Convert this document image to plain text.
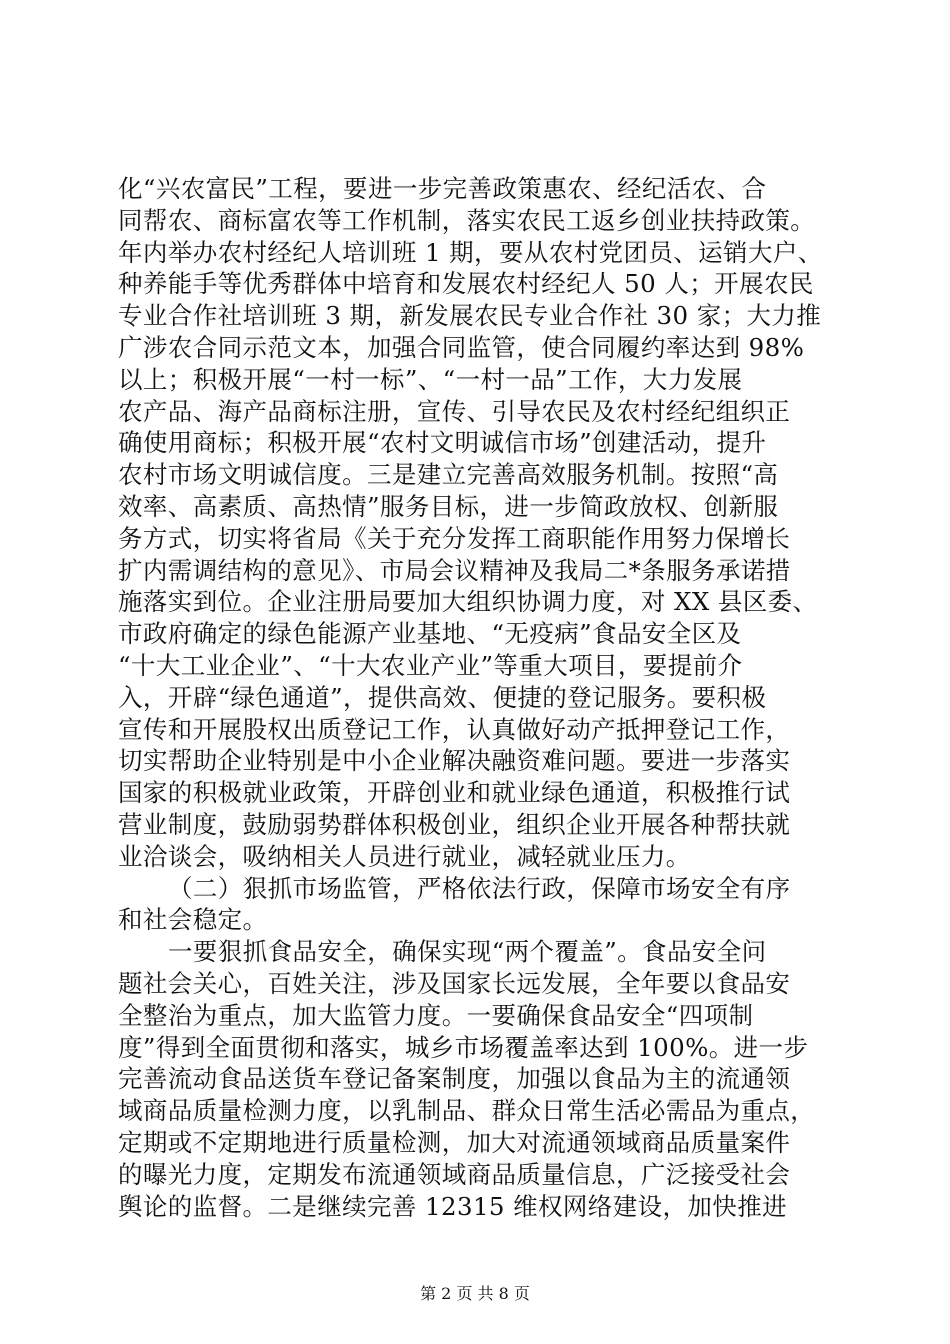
化“兴农富民”工程，要进一步完善政策惠农、经纪活农、合
同帮农、商标富农等工作机制，落实农民工返乡创业扶持政策。
年内举办农村经纪人培训班 1 期，要从农村党团员、运销大户、
种养能手等优秀群体中培育和发展农村经纪人 50 人；开展农民
专业合作社培训班 3 期，新发展农民专业合作社 30 家；大力推
广涉农合同示范文本，加强合同监管，使合同履约率达到 98%
以上；积极开展“一村一标”、“一村一品”工作，大力发展
农产品、海产品商标注册，宣传、引导农民及农村经纪组织正
确使用商标；积极开展“农村文明诚信市场”创建活动，提升
农村市场文明诚信度。三是建立完善高效服务机制。按照“高
效率、高素质、高热情”服务目标，进一步简政放权、创新服
务方式，切实将省局《关于充分发挥工商职能作用努力保增长
扩内需调结构的意见》、市局会议精神及我局二*条服务承诺措
施落实到位。企业注册局要加大组织协调力度，对 XX 县区委、
市政府确定的绿色能源产业基地、“无疫病”食品安全区及
“十大工业企业”、“十大农业产业”等重大项目，要提前介
入，开辟“绿色通道”，提供高效、便捷的登记服务。要积极
宣传和开展股权出质登记工作，认真做好动产抵押登记工作，
切实帮助企业特别是中小企业解决融资难问题。要进一步落实
国家的积极就业政策，开辟创业和就业绿色通道，积极推行试
营业制度，鼓励弱势群体积极创业，组织企业开展各种帮扶就
业洽谈会，吸纳相关人员进行就业，减轻就业压力。
（二）狠抓市场监管，严格依法行政，保障市场安全有序
和社会稳定。
一要狠抓食品安全，确保实现“两个覆盖”。食品安全问
题社会关心，百姓关注，涉及国家长远发展，全年要以食品安
全整治为重点，加大监管力度。一要确保食品安全“四项制
度”得到全面贯彻和落实，城乡市场覆盖率达到 100%。进一步
完善流动食品送货车登记备案制度，加强以食品为主的流通领
域商品质量检测力度，以乳制品、群众日常生活必需品为重点，
定期或不定期地进行质量检测，加大对流通领域商品质量案件
的曝光力度，定期发布流通领域商品质量信息，广泛接受社会
舆论的监督。二是继续完善 12315 维权网络建设，加快推进
第 2 页 共 8 页
